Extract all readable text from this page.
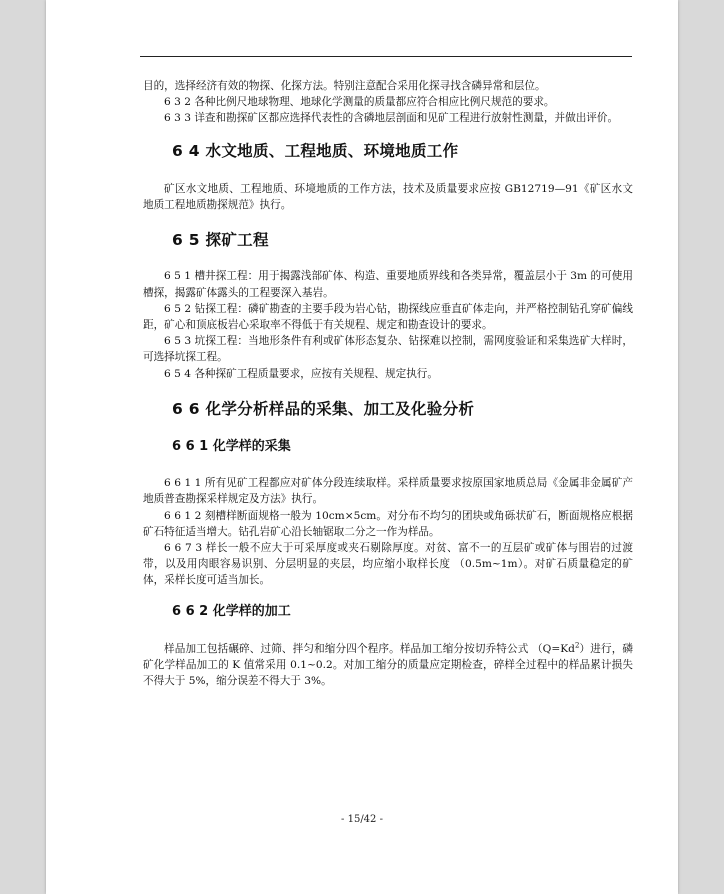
目的，选择经济有效的物探、化探方法。特别注意配合采用化探寻找含磷异常和层位。

6 3 2 各种比例尺地球物理、地球化学测量的质量都应符合相应比例尺规范的要求。

6 3 3 详查和勘探矿区都应选择代表性的含磷地层剖面和见矿工程进行放射性测量，并做出评价。

6 4 水文地质、工程地质、环境地质工作

矿区水文地质、工程地质、环境地质的工作方法，技术及质量要求应按 GB12719—91《矿区水文地质工程地质勘探规范》执行。

6 5 探矿工程

6 5 1 槽井探工程：用于揭露浅部矿体、构造、重要地质界线和各类异常，覆盖层小于 3m 的可使用槽探，揭露矿体露头的工程要深入基岩。

6 5 2 钻探工程：磷矿勘查的主要手段为岩心钻，勘探线应垂直矿体走向，并严格控制钻孔穿矿偏线距，矿心和顶底板岩心采取率不得低于有关规程、规定和勘查设计的要求。

6 5 3 坑探工程：当地形条件有利或矿体形态复杂、钻探难以控制，需网度验证和采集选矿大样时，可选择坑探工程。

6 5 4 各种探矿工程质量要求，应按有关规程、规定执行。

6 6 化学分析样品的采集、加工及化验分析
6 6 1 化学样的采集

6 6 1 1 所有见矿工程都应对矿体分段连续取样。采样质量要求按原国家地质总局《金属非金属矿产地质普查勘探采样规定及方法》执行。

6 6 1 2 刻槽样断面规格一般为 10cm×5cm。对分布不均匀的团块或角砾状矿石，断面规格应根据矿石特征适当增大。钻孔岩矿心沿长轴锯取二分之一作为样品。

6 6 7 3 样长一般不应大于可采厚度或夹石剔除厚度。对贫、富不一的互层矿或矿体与围岩的过渡带，以及用肉眼容易识别、分层明显的夹层，均应缩小取样长度 （0.5m~1m）。对矿石质量稳定的矿体，采样长度可适当加长。

6 6 2 化学样的加工

样品加工包括碾碎、过筛、拌匀和缩分四个程序。样品加工缩分按切乔特公式 $(Q=Kd^2)$进行，磷矿化学样品加工的 K 值常采用 0.1~0.2。对加工缩分的质量应定期检查，碎样全过程中的样品累计损失不得大于 5%，缩分误差不得大于 3%。

- 15/42 -
